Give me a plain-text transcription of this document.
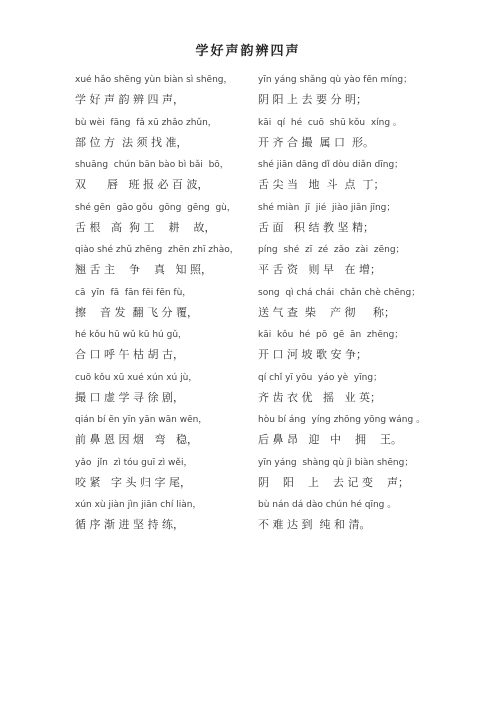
学好声韵辨四声
xué hǎo shēng yùn biàn sì shēng，	yīn yáng shǎng qù yào fēn míng；
学 好 声 韵 辨 四 声，	阴 阳 上 去 要 分 明；
bù wèi  fāng  fǎ xū zhǎo zhǔn，	kāi  qí  hé  cuō  shū kǒu  xíng 。
部 位 方  法 须 找 准，	开 齐 合 撮  属 口  形。
shuāng  chún bān bào bì bǎi  bō，	shé jiān dāng dǐ dòu diǎn dīng；
双      唇   班 报 必 百 波，	舌 尖 当   地  斗  点  丁；
shé gēn  gāo gǒu  gōng  gēng  gù， shé miàn  jī  jié  jiào jiān jīng；
舌 根   高  狗 工    耕    故，	舌 面   积 结 教 坚 精；
qiào shé zhǔ zhēng  zhēn zhī zhào， píng  shé  zī  zé  zǎo  zài  zēng；
翘 舌 主    争    真   知 照，	平 舌 资   则 早   在 增；
cā  yīn  fā  fān fēi fēn fù，	song  qì chá chái  chǎn chè chēng；
擦    音 发  翻 飞 分 覆，	送 气 查  柴    产 彻     称；
hé kǒu hū wǔ kū hú gǔ，	kāi  kǒu  hé  pō  gē  ān  zhēng；
合 口 呼 午 枯 胡 古，	开 口 河 坡 歌 安 争；
cuō kǒu xū xué xún xú jù，	qí chǐ yī yōu  yáo yè  yīng；
撮 口 虚 学 寻 徐 剧，	齐 齿 衣 优   摇   业 英；
qián bí ēn yīn yān wān wēn，	hòu bí áng  yíng zhōng yōng wáng 。
前 鼻 恩 因 烟   弯   稳，	后 鼻 昂   迎   中    拥    王。
yǎo  jǐn  zì tóu guī zì wěi，	yīn yáng  shàng qù jì biàn shēng；
咬 紧   字 头 归 字 尾，	阴    阳    上    去 记 变    声；
xún xù jiàn jìn jiān chí liàn，	bù nán dá dào chún hé qīng 。
循 序 渐 进 坚 持 练，	不 难 达 到  纯 和 清。
